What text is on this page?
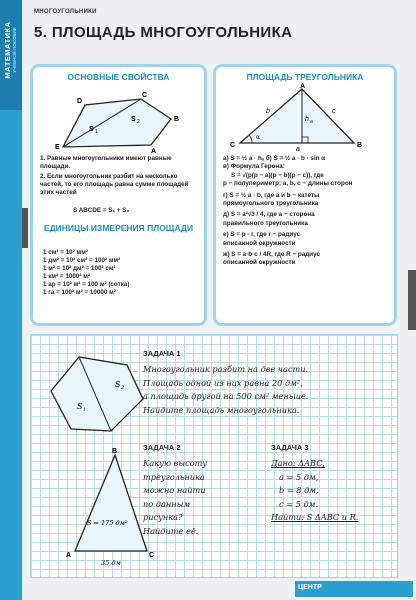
МАТЕМАТИКА УЧЕБНОЕ ПОСОБИЕ
МНОГОУГОЛЬНИКИ
5. ПЛОЩАДЬ МНОГОУГОЛЬНИКА
ОСНОВНЫЕ СВОЙСТВА
E
D
C
B
A
S 1
S 2
1. Равные многоугольники имеют равные площади.
2. Если многоугольник разбит на несколько частей, то его площадь равна сумме площадей этих частей
S ABCDE = S₁ + S₂
ЕДИНИЦЫ ИЗМЕРЕНИЯ ПЛОЩАДИ
1 см² = 10² мм²
1 дм² = 10² см² = 100² мм²
1 м² = 10² дм² = 100² см²
1 км² = 1000² м²
1 ар = 10² м² = 100 м² (сотка)
1 га = 100² м² = 10000 м²
ПЛОЩАДЬ ТРЕУГОЛЬНИКА
C
A
B
b	c
a
h a
α
а) S = ½ a · hₐ б) S = ½ a · b · sin α
в) Формула Герона:
S = √(p(p − a)(p − b)(p − c)), где
p − полупериметр; a, b, c − длины сторон
г) S = ½ a · b, где a и b − катеты
прямоугольного треугольника
д) S = a²√3 / 4, где a − сторона
правильного треугольника
е) S = p · r, где r − радиус
вписанной окружности
ж) S = a·b·c / 4R, где R − радиус
описанной окружности
S 1
S 2
ЗАДАЧА 1
Многоугольник разбит на две части.
Площадь одной из них равна 20 дм²,
а площадь другой на 500 см² меньше.
Найдите площадь многоугольника.
B
A	C
S = 175 дм²
35 дм
ЗАДАЧА 2
Какую высоту
треугольника
можно найти
по данным
рисунка?
Найдите её.
ЗАДАЧА 3
Дано: ΔABC,
a = 5 дм,
b = 8 дм,
c = 5 дм.
Найти: S ΔABC и R.
ЦЕНТР
